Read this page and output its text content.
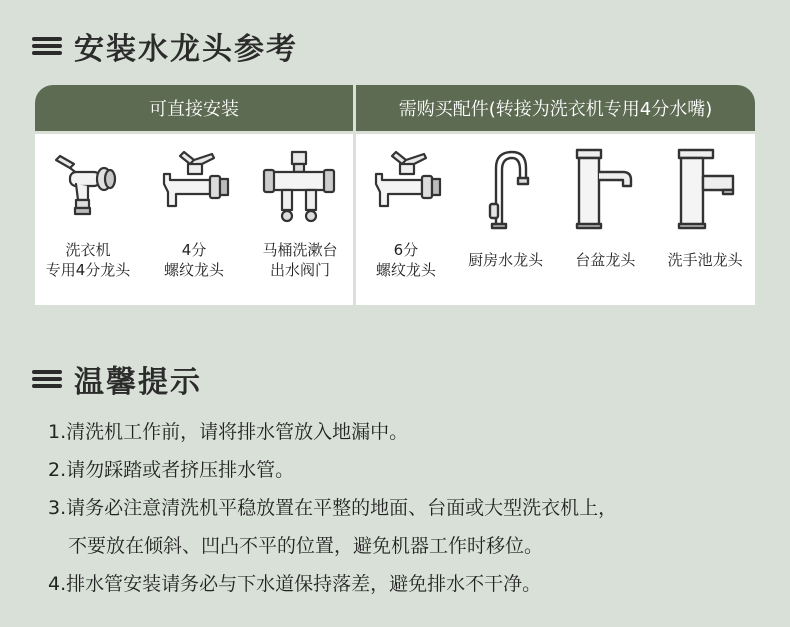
安装水龙头参考
可直接安装
洗衣机
专用4分龙头
4分
螺纹龙头
马桶洗漱台
出水阀门
需购买配件(转接为洗衣机专用4分水嘴)
6分
螺纹龙头
厨房水龙头 台盆龙头 洗手池龙头
温馨提示
1.清洗机工作前，请将排水管放入地漏中。
2.请勿踩踏或者挤压排水管。
3.请务必注意清洗机平稳放置在平整的地面、台面或大型洗衣机上，
不要放在倾斜、凹凸不平的位置，避免机器工作时移位。
4.排水管安装请务必与下水道保持落差，避免排水不干净。
